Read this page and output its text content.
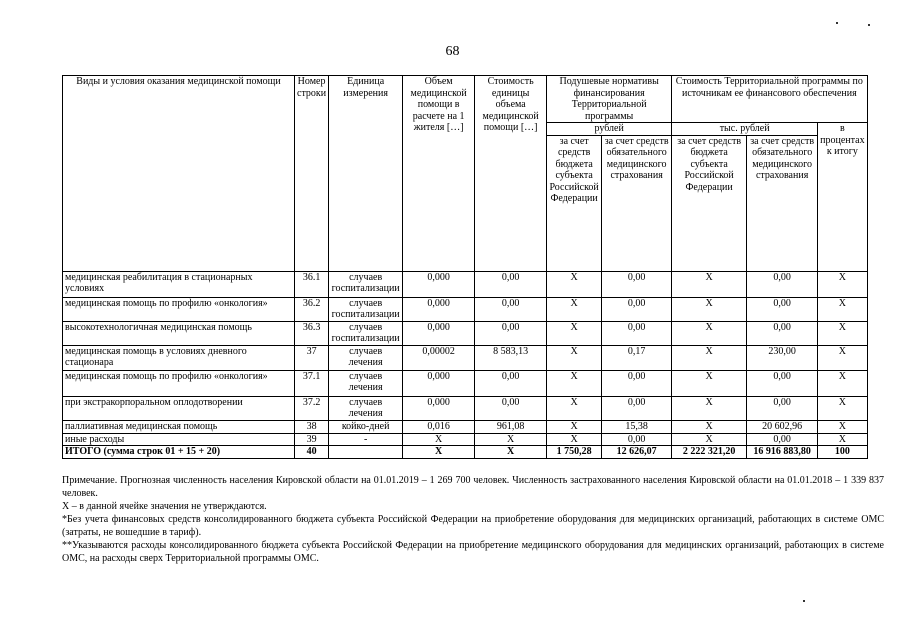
68
Виды и условия оказания медицинской помощи	Номер строки	Единица измерения	Объем медицинской помощи в расчете на 1 жителя […]	Стоимость единицы объема медицинской помощи […]	Подушевые нормативы финансирования Территориальной программы		Стоимость Территориальной программы по источникам ее финансового обеспечения		
					рублей		тыс. рублей		в процентах к итогу
					за счет средств бюджета субъекта Российской Федерации	за счет средств обязательного медицинского страхования	за счет средств бюджета субъекта Российской Федерации	за счет средств обязательного медицинского страхования	
медицинская реабилитация в стационарных условиях	36.1	случаев госпитализации	0,000	0,00	X	0,00	X	0,00	X
медицинская помощь по профилю «онкология»	36.2	случаев госпитализации	0,000	0,00	X	0,00	X	0,00	X
высокотехнологичная медицинская помощь	36.3	случаев госпитализации	0,000	0,00	X	0,00	X	0,00	X
медицинская помощь в условиях дневного стационара	37	случаев лечения	0,00002	8 583,13	X	0,17	X	230,00	X
медицинская помощь по профилю «онкология»	37.1	случаев лечения	0,000	0,00	X	0,00	X	0,00	X
при экстракорпоральном оплодотворении	37.2	случаев лечения	0,000	0,00	X	0,00	X	0,00	X
паллиативная медицинская помощь	38	койко-дней	0,016	961,08	X	15,38	X	20 602,96	X
иные расходы	39	-	X	X	X	0,00	X	0,00	X
ИТОГО (сумма строк 01 + 15 + 20)	40		X	X	1 750,28	12 626,07	2 222 321,20	16 916 883,80	100

Примечание. Прогнозная численность населения Кировской области на 01.01.2019 – 1 269 700 человек. Численность застрахованного населения Кировской области на 01.01.2018 – 1 339 837 человек.

X – в данной ячейке значения не утверждаются.

*Без учета финансовых средств консолидированного бюджета субъекта Российской Федерации на приобретение оборудования для медицинских организаций, работающих в системе ОМС (затраты, не вошедшие в тариф).

**Указываются расходы консолидированного бюджета субъекта Российской Федерации на приобретение медицинского оборудования для медицинских организаций, работающих в системе ОМС, на расходы сверх Территориальной программы ОМС.
